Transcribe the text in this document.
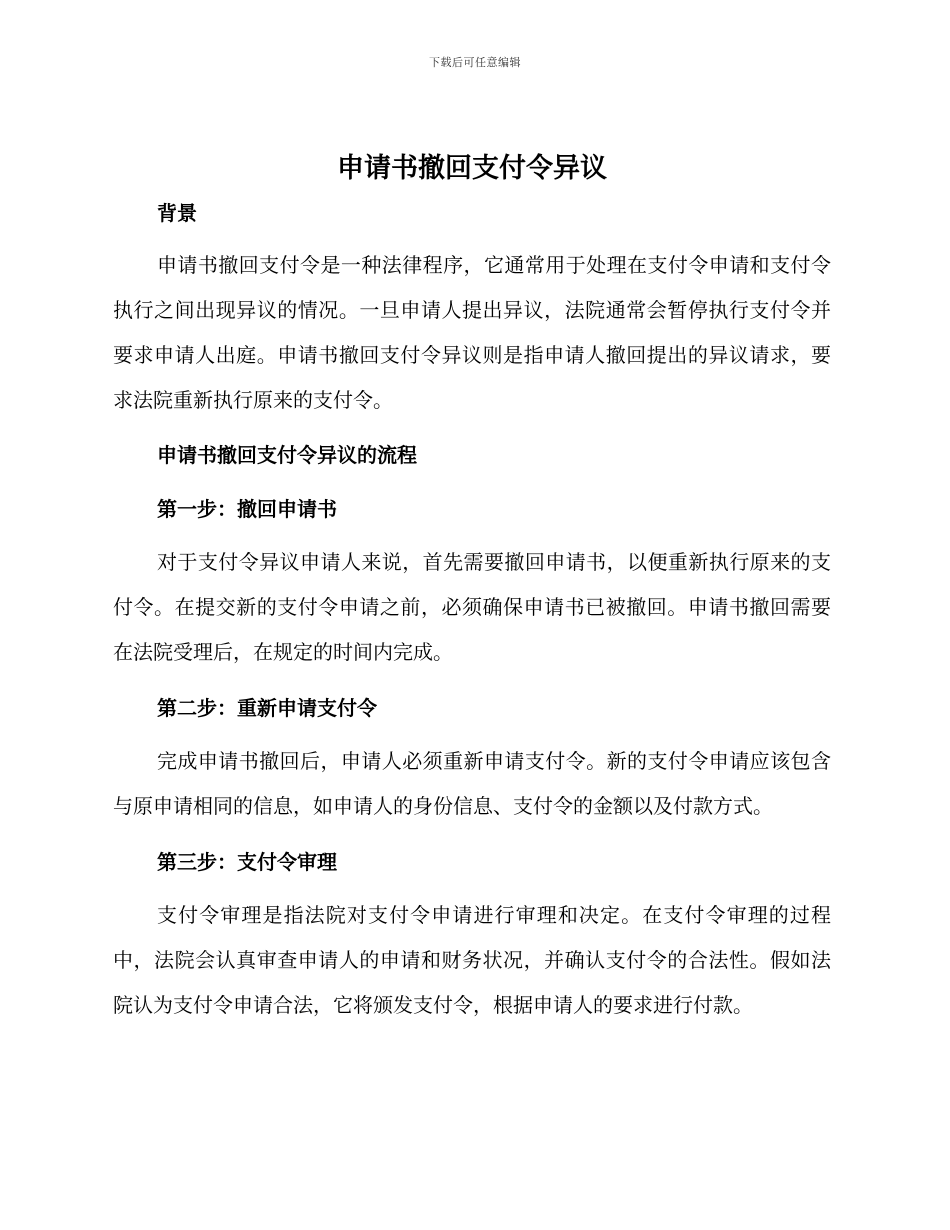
下载后可任意编辑
申请书撤回支付令异议
背景

申请书撤回支付令是一种法律程序，它通常用于处理在支付令申请和支付令执行之间出现异议的情况。一旦申请人提出异议，法院通常会暂停执行支付令并要求申请人出庭。申请书撤回支付令异议则是指申请人撤回提出的异议请求，要求法院重新执行原来的支付令。

申请书撤回支付令异议的流程
第一步：撤回申请书

对于支付令异议申请人来说，首先需要撤回申请书，以便重新执行原来的支付令。在提交新的支付令申请之前，必须确保申请书已被撤回。申请书撤回需要在法院受理后，在规定的时间内完成。

第二步：重新申请支付令

完成申请书撤回后，申请人必须重新申请支付令。新的支付令申请应该包含与原申请相同的信息，如申请人的身份信息、支付令的金额以及付款方式。

第三步：支付令审理

支付令审理是指法院对支付令申请进行审理和决定。在支付令审理的过程中，法院会认真审查申请人的申请和财务状况，并确认支付令的合法性。假如法院认为支付令申请合法，它将颁发支付令，根据申请人的要求进行付款。
